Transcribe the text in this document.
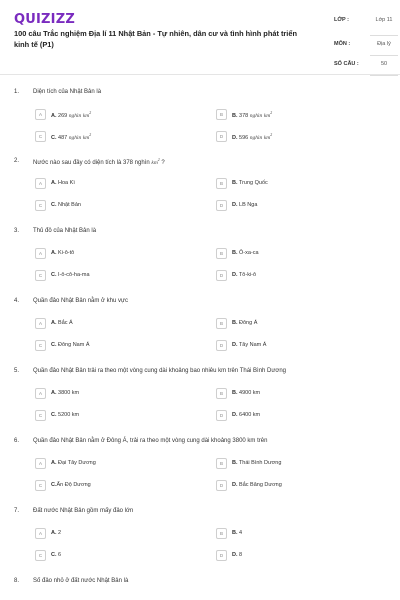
QUIZIZZ
100 câu Trắc nghiệm Địa lí 11 Nhật Bản - Tự nhiên, dân cư và tình hình phát triển kinh tế (P1)
LỚP :	Lớp 11
MÔN :	Địa lý
SỐ CÂU :	50
1. Diện tích của Nhật Bản là
A	A. 269 nghìn $km^2$	B	B. 378 nghìn $km^2$
C	C. 487 nghìn $km^2$	D	D. 596 nghìn $km^2$
2. Nước nào sau đây có diện tích là 378 nghìn $km^2$ ?
A	A. Hoa Kì	B	B. Trung Quốc
C	C. Nhật Bản	D	D. LB Nga
3. Thủ đô của Nhật Bản là
A	A. Ki-ô-tô	B	B. Ô-xa-ca
C	C. I-ô-cô-ha-ma	D	D. Tô-ki-ô
4. Quần đảo Nhật Bản nằm ở khu vực
A	A. Bắc Á	B	B. Đông Á
C	C. Đông Nam Á	D	D. Tây Nam Á
5. Quần đảo Nhật Bản trải ra theo một vòng cung dài khoảng bao nhiêu km trên Thái Bình Dương
A	A. 3800 km	B	B. 4900 km
C	C. 5200 km	D	D. 6400 km
6. Quần đảo Nhật Bản nằm ở Đông Á, trải ra theo một vòng cung dài khoảng 3800 km trên
A	A. Đại Tây Dương	B	B. Thái Bình Dương
C	C.Ấn Độ Dương	D	D. Bắc Băng Dương
7. Đất nước Nhật Bản gồm mấy đảo lớn
A	A. 2	B	B. 4
C	C. 6	D	D. 8
8. Số đảo nhỏ ở đất nước Nhật Bản là
